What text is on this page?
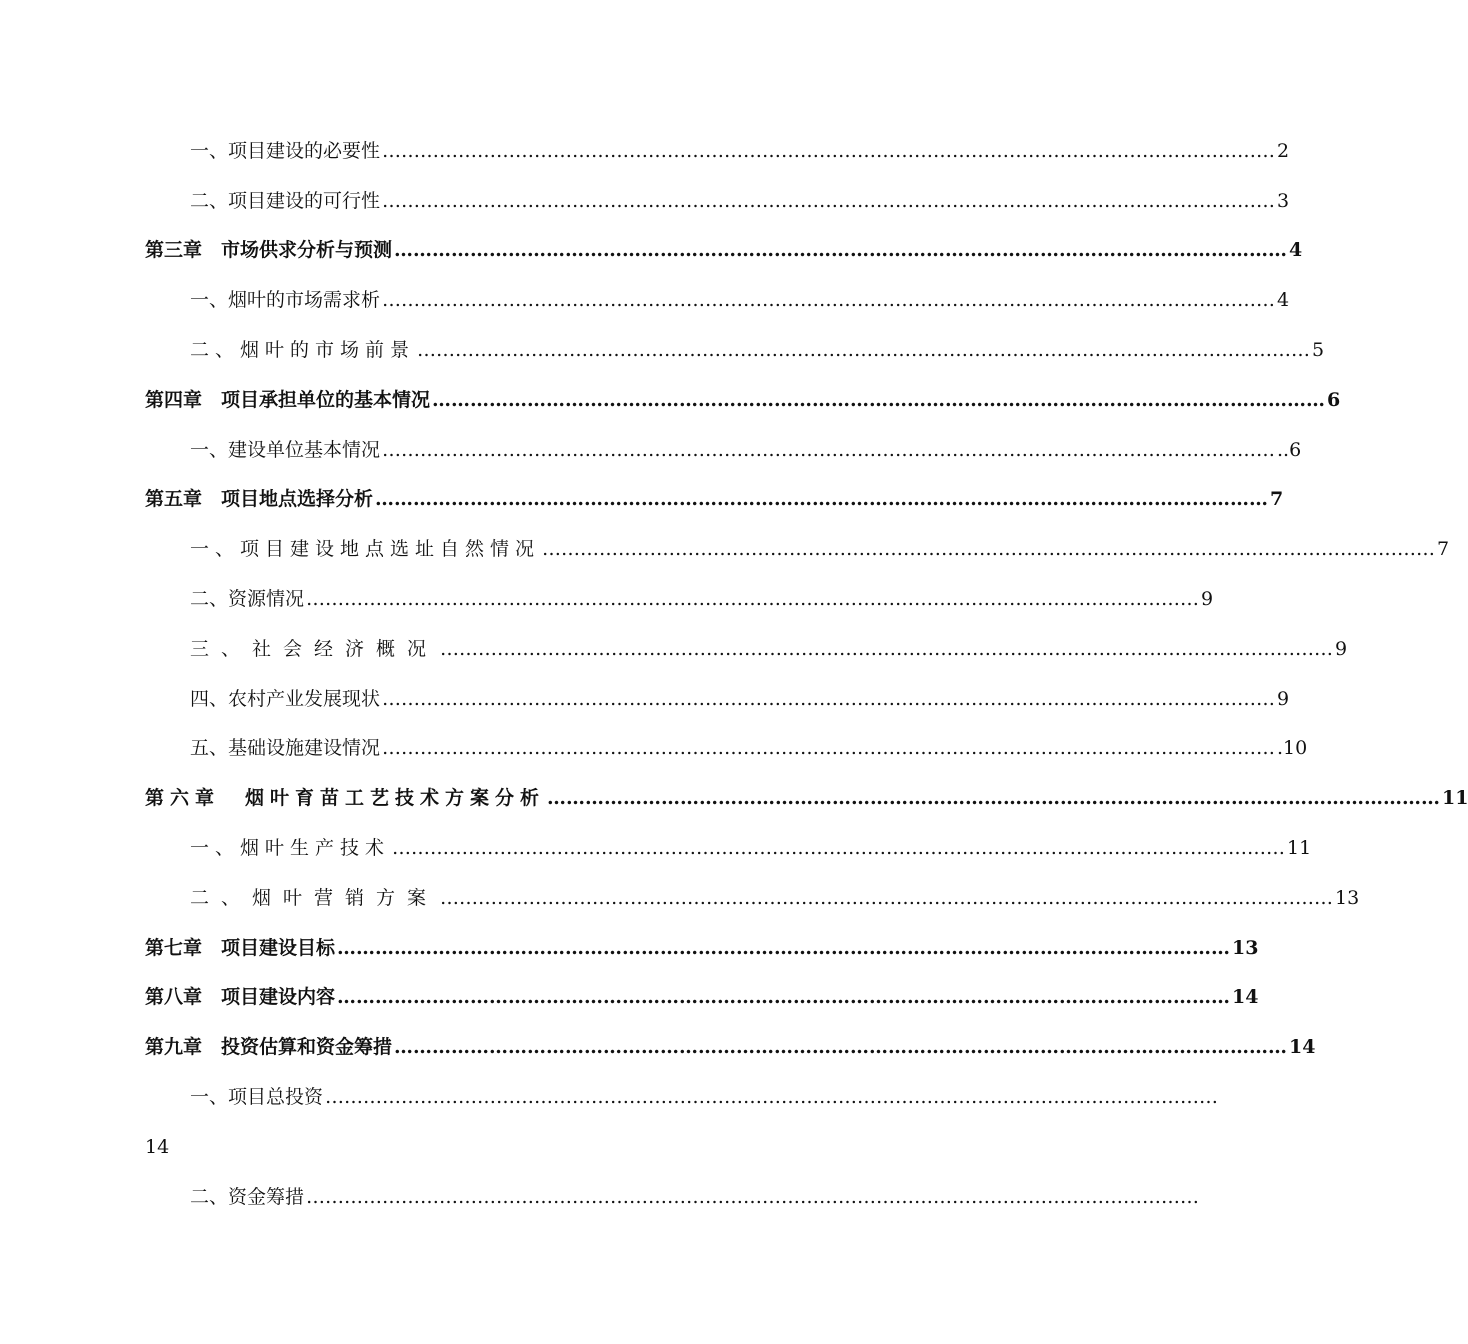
一、项目建设的必要性 …………………………………………………………………………………………………………………………… 2
二、项目建设的可行性 …………………………………………………………………………………………………………………………… 3
第三章　市场供求分析与预测 …………………………………………………………………………………………………………………………… 4
一、烟叶的市场需求析 …………………………………………………………………………………………………………………………… 4
二、烟叶的市场前景 …………………………………………………………………………………………………………………………… 5
第四章　项目承担单位的基本情况 …………………………………………………………………………………………………………………………… 6
一、建设单位基本情况 …………………………………………………………………………………………………………………………… ..6
第五章　项目地点选择分析 …………………………………………………………………………………………………………………………… 7
一、项目建设地点选址自然情况 …………………………………………………………………………………………………………………………… 7
二、资源情况 …………………………………………………………………………………………………………………………… 9
三、社会经济概况 …………………………………………………………………………………………………………………………… 9
四、农村产业发展现状 …………………………………………………………………………………………………………………………… 9
五、基础设施建设情况 …………………………………………………………………………………………………………………………… .10
第六章　烟叶育苗工艺技术方案分析 …………………………………………………………………………………………………………………………… 11
一、烟叶生产技术 …………………………………………………………………………………………………………………………… 11
二、烟叶营销方案 …………………………………………………………………………………………………………………………… 13
第七章　项目建设目标 …………………………………………………………………………………………………………………………… 13
第八章　项目建设内容 …………………………………………………………………………………………………………………………… 14
第九章　投资估算和资金筹措 …………………………………………………………………………………………………………………………… 14
一、项目总投资 ……………………………………………………………………………………………………………………………
14
二、资金筹措 ……………………………………………………………………………………………………………………………
